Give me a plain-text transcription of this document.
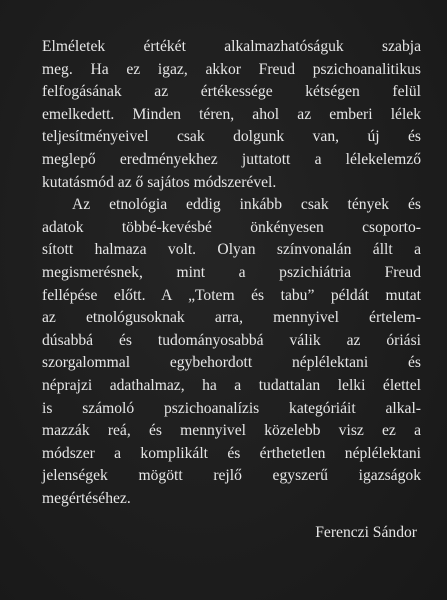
Elméletek értékét alkalmazhatóságuk szabja
meg. Ha ez igaz, akkor Freud pszichoanalitikus
felfogásának az értékessége kétségen felül
emelkedett. Minden téren, ahol az emberi lélek
teljesítményeivel csak dolgunk van, új és
meglepő eredményekhez juttatott a lélekelemző
kutatásmód az ő sajátos módszerével.

Az etnológia eddig inkább csak tények és
adatok többé-kevésbé önkényesen csoporto-
sított halmaza volt. Olyan színvonalán állt a
megismerésnek, mint a pszichiátria Freud
fellépése előtt. A „Totem és tabu” példát mutat
az etnológusoknak arra, mennyivel értelem-
dúsabbá és tudományosabbá válik az óriási
szorgalommal egybehordott néplélektani és
néprajzi adathalmaz, ha a tudattalan lelki élettel
is számoló pszichoanalízis kategóriáit alkal-
mazzák reá, és mennyivel közelebb visz ez a
módszer a komplikált és érthetetlen néplélektani
jelenségek mögött rejlő egyszerű igazságok
megértéséhez.

Ferenczi Sándor
